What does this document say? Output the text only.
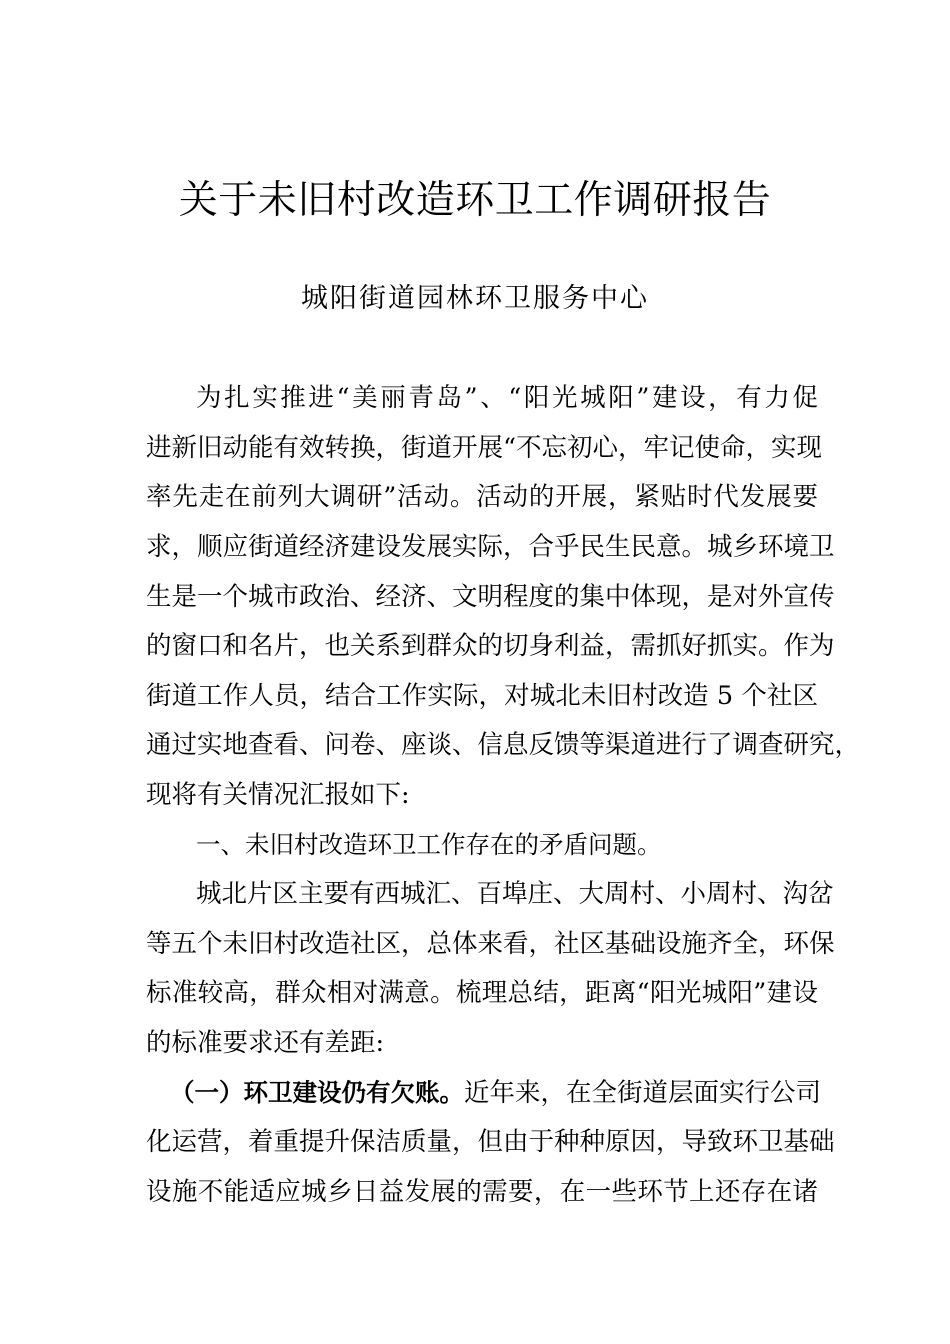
关于未旧村改造环卫工作调研报告
城阳街道园林环卫服务中心

为扎实推进“美丽青岛”、“阳光城阳”建设，有力促

进新旧动能有效转换，街道开展“不忘初心，牢记使命，实现

率先走在前列大调研”活动。活动的开展，紧贴时代发展要

求，顺应街道经济建设发展实际，合乎民生民意。城乡环境卫

生是一个城市政治、经济、文明程度的集中体现，是对外宣传

的窗口和名片，也关系到群众的切身利益，需抓好抓实。作为

街道工作人员，结合工作实际，对城北未旧村改造 5 个社区

通过实地查看、问卷、座谈、信息反馈等渠道进行了调查研究，

现将有关情况汇报如下:

一、未旧村改造环卫工作存在的矛盾问题。

城北片区主要有西城汇、百埠庄、大周村、小周村、沟岔

等五个未旧村改造社区，总体来看，社区基础设施齐全，环保

标准较高，群众相对满意。梳理总结，距离“阳光城阳”建设

的标准要求还有差距:

（一）环卫建设仍有欠账。近年来，在全街道层面实行公司

化运营，着重提升保洁质量，但由于种种原因，导致环卫基础

设施不能适应城乡日益发展的需要，在一些环节上还存在诸
